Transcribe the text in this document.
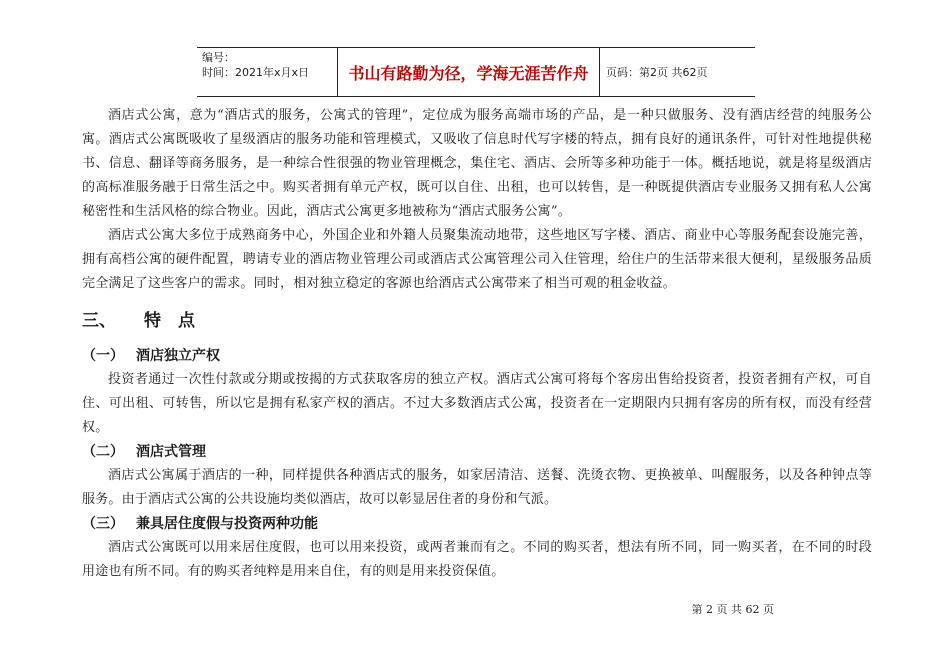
编号：
时间：2021年x月x日	书山有路勤为径，学海无涯苦作舟	页码：第2页 共62页

酒店式公寓，意为“酒店式的服务，公寓式的管理”，定位成为服务高端市场的产品，是一种只做服务、没有酒店经营的纯服务公寓。酒店式公寓既吸收了星级酒店的服务功能和管理模式，又吸收了信息时代写字楼的特点，拥有良好的通讯条件，可针对性地提供秘书、信息、翻译等商务服务，是一种综合性很强的物业管理概念，集住宅、酒店、会所等多种功能于一体。概括地说，就是将星级酒店的高标准服务融于日常生活之中。购买者拥有单元产权，既可以自住、出租，也可以转售，是一种既提供酒店专业服务又拥有私人公寓秘密性和生活风格的综合物业。因此，酒店式公寓更多地被称为“酒店式服务公寓”。

酒店式公寓大多位于成熟商务中心，外国企业和外籍人员聚集流动地带，这些地区写字楼、酒店、商业中心等服务配套设施完善，拥有高档公寓的硬件配置，聘请专业的酒店物业管理公司或酒店式公寓管理公司入住管理，给住户的生活带来很大便利，星级服务品质完全满足了这些客户的需求。同时，相对独立稳定的客源也给酒店式公寓带来了相当可观的租金收益。

三、 特　点
（一） 酒店独立产权

投资者通过一次性付款或分期或按揭的方式获取客房的独立产权。酒店式公寓可将每个客房出售给投资者，投资者拥有产权，可自住、可出租、可转售，所以它是拥有私家产权的酒店。不过大多数酒店式公寓，投资者在一定期限内只拥有客房的所有权，而没有经营权。

（二） 酒店式管理

酒店式公寓属于酒店的一种，同样提供各种酒店式的服务，如家居清洁、送餐、洗烫衣物、更换被单、叫醒服务，以及各种钟点等服务。由于酒店式公寓的公共设施均类似酒店，故可以彰显居住者的身份和气派。

（三） 兼具居住度假与投资两种功能

酒店式公寓既可以用来居住度假，也可以用来投资，或两者兼而有之。不同的购买者，想法有所不同，同一购买者，在不同的时段用途也有所不同。有的购买者纯粹是用来自住，有的则是用来投资保值。

第 2 页 共 62 页
